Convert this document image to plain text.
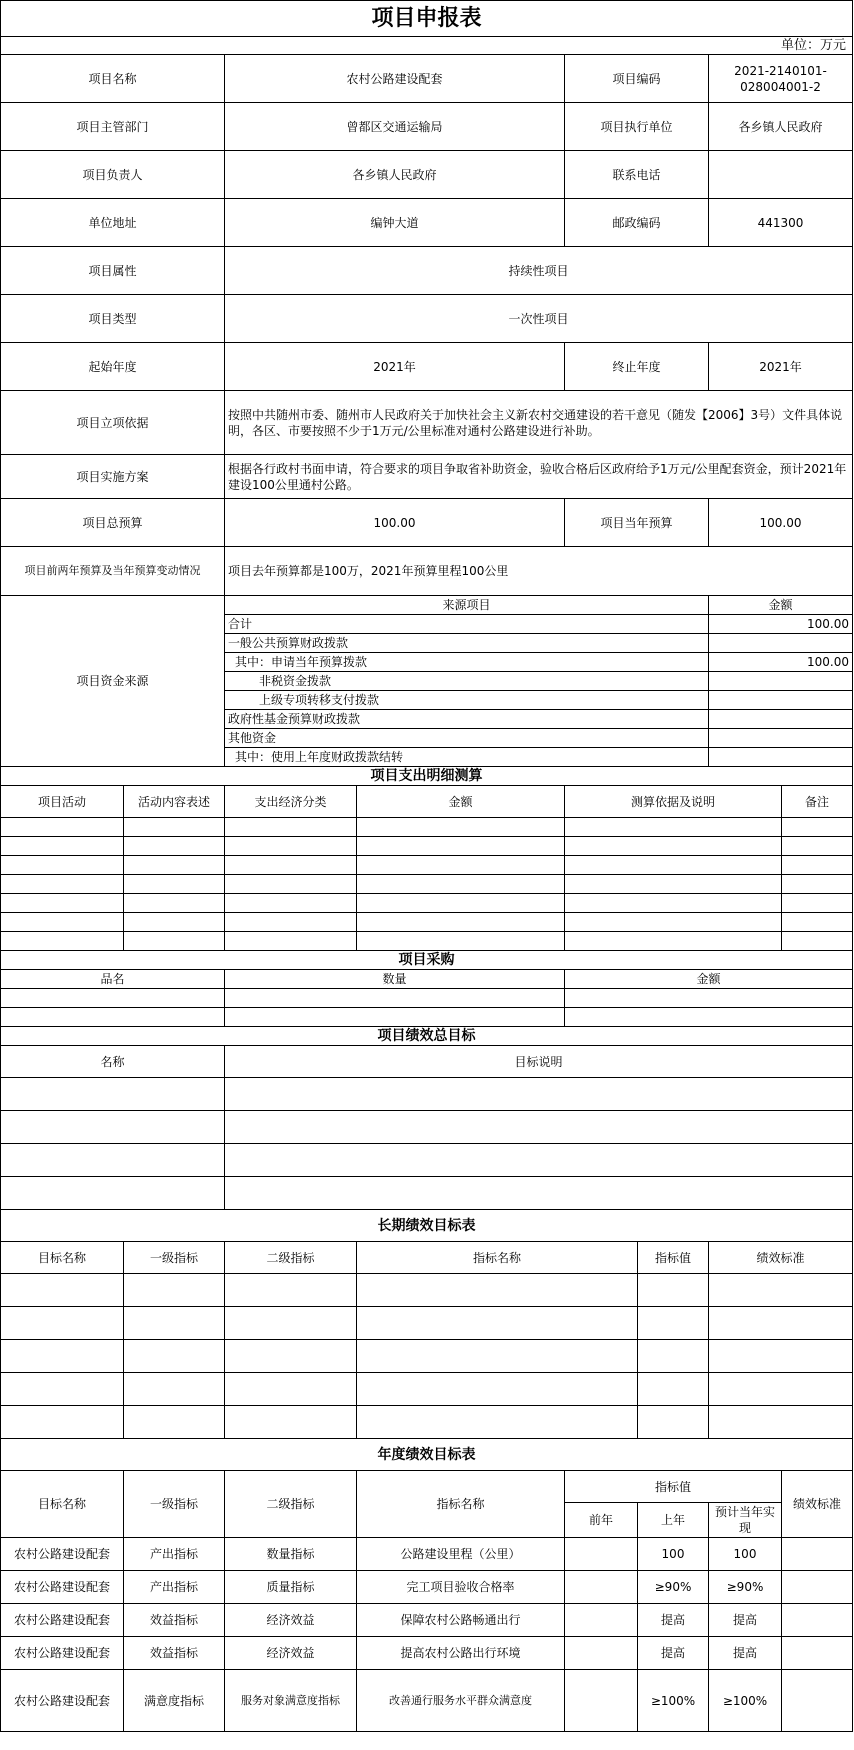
项目申报表
单位：万元
项目名称	农村公路建设配套	项目编码	2021-2140101-028004001-2
项目主管部门	曾都区交通运输局	项目执行单位	各乡镇人民政府
项目负责人	各乡镇人民政府	联系电话	
单位地址	编钟大道	邮政编码	441300
项目属性	持续性项目		
项目类型	一次性项目		
起始年度	2021年	终止年度	2021年
项目立项依据	按照中共随州市委、随州市人民政府关于加快社会主义新农村交通建设的若干意见（随发【2006】3号）文件具体说明，各区、市要按照不少于1万元/公里标准对通村公路建设进行补助。		
项目实施方案	根据各行政村书面申请，符合要求的项目争取省补助资金，验收合格后区政府给予1万元/公里配套资金，预计2021年建设100公里通村公路。		
项目总预算	100.00	项目当年预算	100.00
项目前两年预算及当年预算变动情况	项目去年预算都是100万，2021年预算里程100公里		
项目资金来源	来源项目	金额
	合计	100.00
	一般公共预算财政拨款	
	其中：申请当年预算拨款	100.00
	非税资金拨款	
	上级专项转移支付拨款	
	政府性基金预算财政拨款	
	其他资金	
	其中：使用上年度财政拨款结转	
项目支出明细测算					
项目活动	活动内容表述	支出经济分类	金额	测算依据及说明	备注

项目采购		
品名	数量	金额

项目绩效总目标	
名称	目标说明

长期绩效目标表					
目标名称	一级指标	二级指标	指标名称	指标值	绩效标准

年度绩效目标表							
目标名称	一级指标	二级指标	指标名称	指标值			绩效标准
				前年	上年	预计当年实现	
农村公路建设配套	产出指标	数量指标	公路建设里程（公里）		100	100	
农村公路建设配套	产出指标	质量指标	完工项目验收合格率		≥90%	≥90%	
农村公路建设配套	效益指标	经济效益	保障农村公路畅通出行		提高	提高	
农村公路建设配套	效益指标	经济效益	提高农村公路出行环境		提高	提高	
农村公路建设配套	满意度指标	服务对象满意度指标	改善通行服务水平群众满意度		≥100%	≥100%	
